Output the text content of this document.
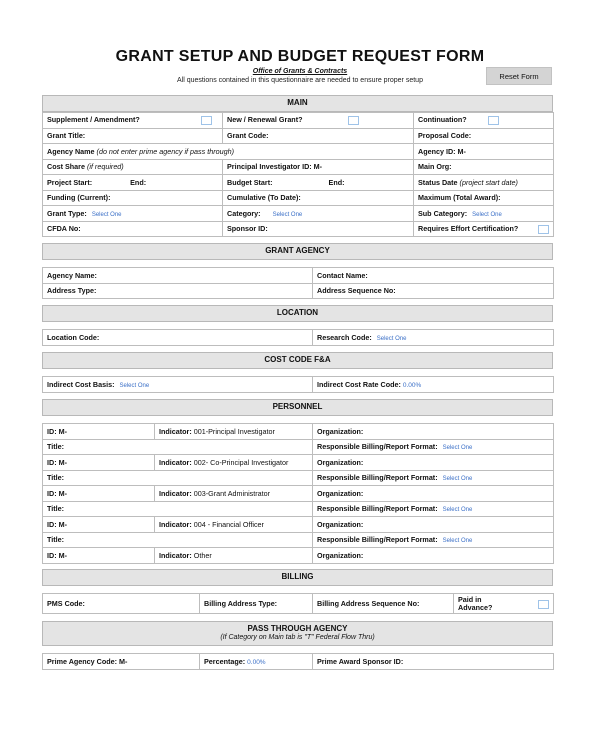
GRANT SETUP AND BUDGET REQUEST FORM
Office of Grants & Contracts
All questions contained in this questionnaire are needed to ensure proper setup	Reset Form
MAIN
Supplement / Amendment?	New / Renewal Grant?	Continuation?

Grant Title:	Grant Code:	Proposal Code:
Agency Name (do not enter prime agency if pass through)		Agency ID: M-
Cost Share (if required)	Principal Investigator ID: M-	Main Org:
Project Start: End:	Budget Start: End:	Status Date (project start date)
Funding (Current):	Cumulative (To Date):	Maximum (Total Award):
Grant Type: Select One	Category: Select One	Sub Category: Select One
CFDA No:	Sponsor ID:	Requires Effort Certification?
GRANT AGENCY
Agency Name:	Contact Name:
Address Type:	Address Sequence No:
LOCATION
Location Code:	Research Code: Select One
COST CODE F&A
Indirect Cost Basis: Select One	Indirect Cost Rate Code: 0.00%
PERSONNEL
ID: M-	Indicator: 001-Principal Investigator	Organization:
Title:		Responsible Billing/Report Format: Select One
ID: M-	Indicator: 002- Co-Principal Investigator	Organization:
Title:		Responsible Billing/Report Format: Select One
ID: M-	Indicator: 003-Grant Administrator	Organization:
Title:		Responsible Billing/Report Format: Select One
ID: M-	Indicator: 004 - Financial Officer	Organization:
Title:		Responsible Billing/Report Format: Select One
ID: M-	Indicator: Other	Organization:
BILLING
PMS Code:	Billing Address Type:	Billing Address Sequence No:	Paid in Advance?
PASS THROUGH AGENCY
(If Category on Main tab is "T" Federal Flow Thru)
Prime Agency Code: M-	Percentage: 0.00%	Prime Award Sponsor ID:
